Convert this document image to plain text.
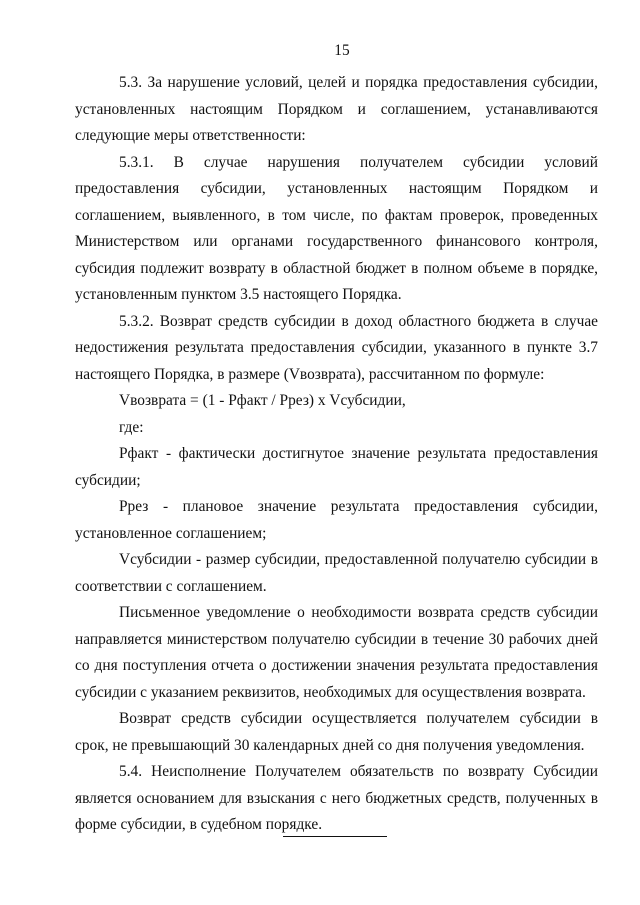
15

5.3. За нарушение условий, целей и порядка предоставления субсидии, установленных настоящим Порядком и соглашением, устанавливаются следующие меры ответственности:

5.3.1. В случае нарушения получателем субсидии условий предоставления субсидии, установленных настоящим Порядком и соглашением, выявленного, в том числе, по фактам проверок, проведенных Министерством или органами государственного финансового контроля, субсидия подлежит возврату в областной бюджет в полном объеме в порядке, установленным пунктом 3.5 настоящего Порядка.

5.3.2. Возврат средств субсидии в доход областного бюджета в случае недостижения результата предоставления субсидии, указанного в пункте 3.7 настоящего Порядка, в размере (Vвозврата), рассчитанном по формуле:

Vвозврата = (1 - Рфакт / Ррез) х Vсубсидии,

где:

Рфакт - фактически достигнутое значение результата предоставления субсидии;

Ррез - плановое значение результата предоставления субсидии, установленное соглашением;

Vсубсидии - размер субсидии, предоставленной получателю субсидии в соответствии с соглашением.

Письменное уведомление о необходимости возврата средств субсидии направляется министерством получателю субсидии в течение 30 рабочих дней со дня поступления отчета о достижении значения результата предоставления субсидии с указанием реквизитов, необходимых для осуществления возврата.

Возврат средств субсидии осуществляется получателем субсидии в срок, не превышающий 30 календарных дней со дня получения уведомления.

5.4. Неисполнение Получателем обязательств по возврату Субсидии является основанием для взыскания с него бюджетных средств, полученных в форме субсидии, в судебном порядке.
